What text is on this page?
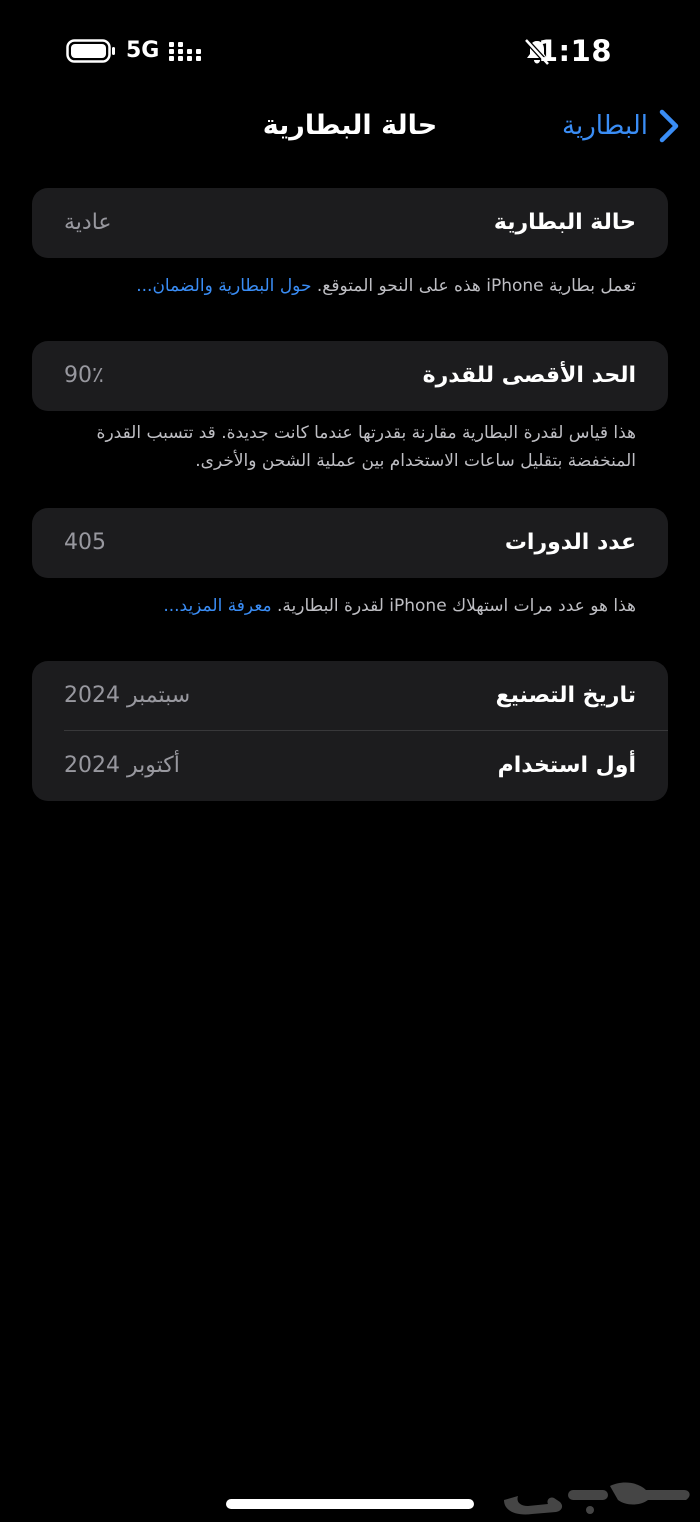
5G	1:18
البطارية
حالة البطارية
حالة البطارية
عادية
تعمل بطارية iPhone هذه على النحو المتوقع. حول البطارية والضمان...
الحد الأقصى للقدرة
90٪
هذا قياس لقدرة البطارية مقارنة بقدرتها عندما كانت جديدة. قد تتسبب القدرة المنخفضة بتقليل ساعات الاستخدام بين عملية الشحن والأخرى.
عدد الدورات
405
هذا هو عدد مرات استهلاك iPhone لقدرة البطارية. معرفة المزيد...
تاريخ التصنيع
سبتمبر 2024
أول استخدام
أكتوبر 2024
